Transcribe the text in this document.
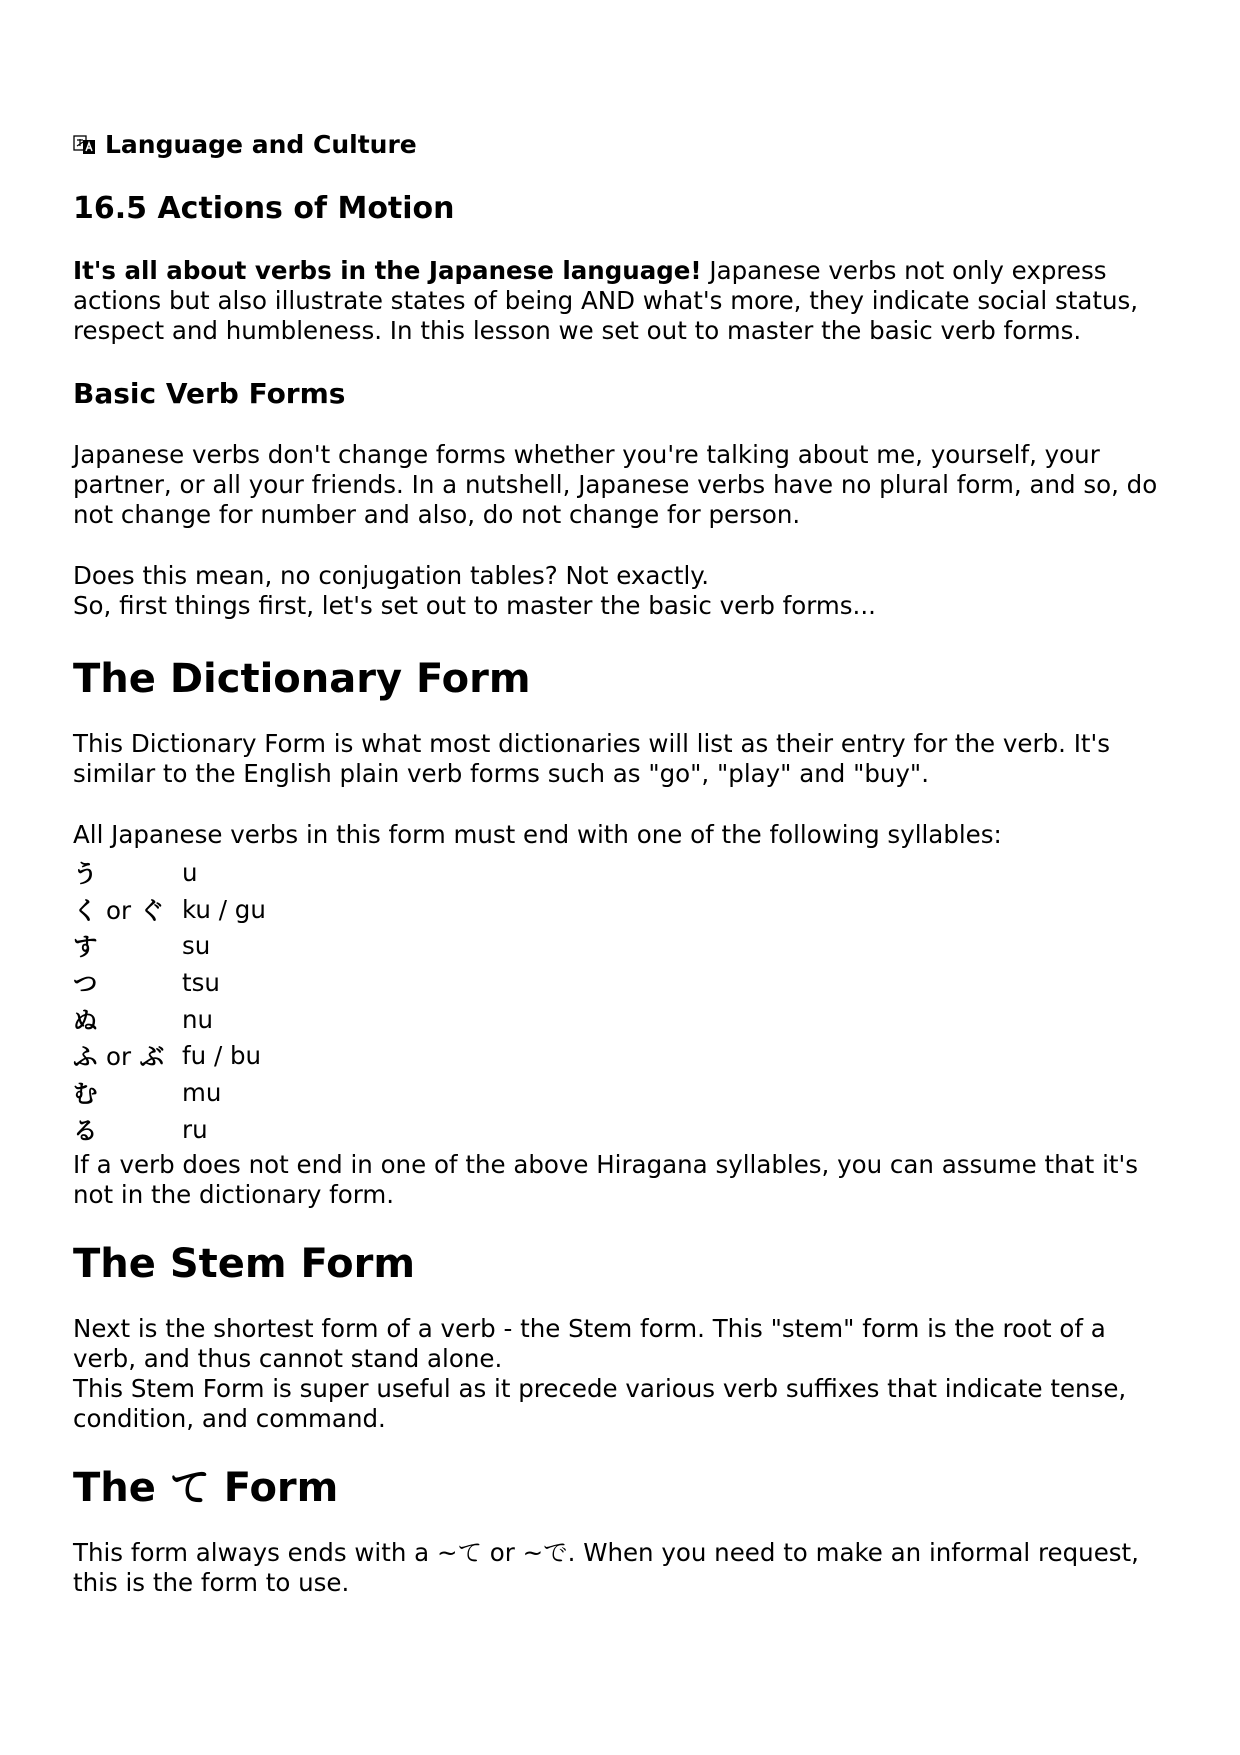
Language and Culture
16.5 Actions of Motion

It's all about verbs in the Japanese language! Japanese verbs not only express actions but also illustrate states of being AND what's more, they indicate social status, respect and humbleness. In this lesson we set out to master the basic verb forms.

Basic Verb Forms

Japanese verbs don't change forms whether you're talking about me, yourself, your partner, or all your friends. In a nutshell, Japanese verbs have no plural form, and so, do not change for number and also, do not change for person.

Does this mean, no conjugation tables? Not exactly.

So, first things first, let's set out to master the basic verb forms...

The Dictionary Form

This Dictionary Form is what most dictionaries will list as their entry for the verb. It's similar to the English plain verb forms such as "go", "play" and "buy".

All Japanese verbs in this form must end with one of the following syllables:

う	u
く or ぐ	ku / gu
す	su
つ	tsu
ぬ	nu
ふ or ぶ	fu / bu
む	mu
る	ru

If a verb does not end in one of the above Hiragana syllables, you can assume that it's not in the dictionary form.

The Stem Form

Next is the shortest form of a verb - the Stem form. This "stem" form is the root of a verb, and thus cannot stand alone.

This Stem Form is super useful as it precede various verb suffixes that indicate tense, condition, and command.

The て Form

This form always ends with a ~て or ~で. When you need to make an informal request, this is the form to use.
